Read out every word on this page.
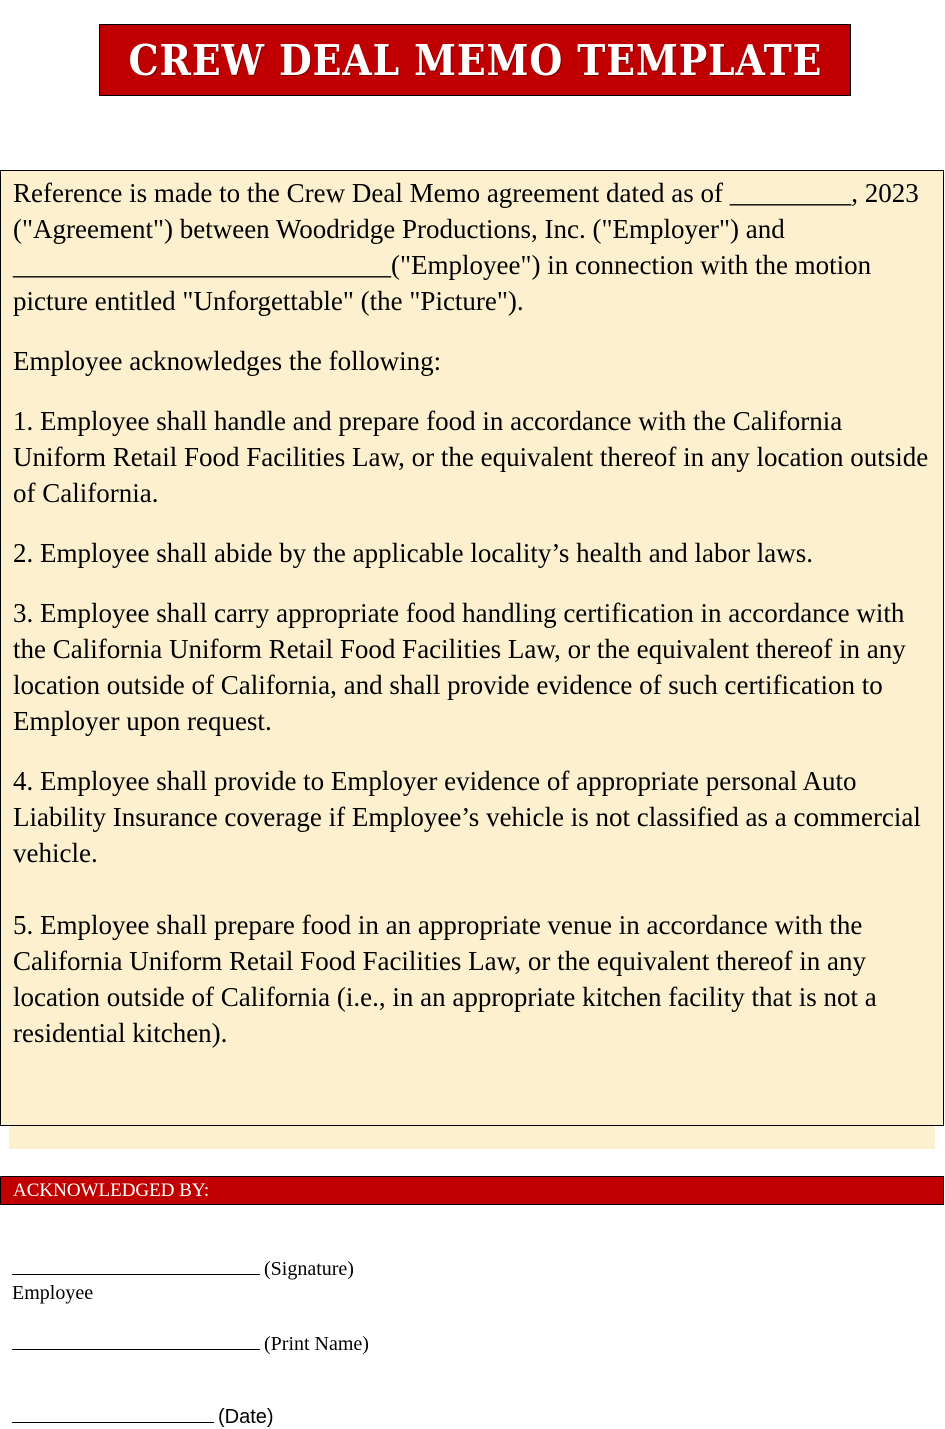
CREW DEAL MEMO TEMPLATE

Reference is made to the Crew Deal Memo agreement dated as of _________, 2023 ("Agreement") between Woodridge Productions, Inc. ("Employer") and ____________________________("Employee") in connection with the motion picture entitled "Unforgettable" (the "Picture").

Employee acknowledges the following:

1. Employee shall handle and prepare food in accordance with the California Uniform Retail Food Facilities Law, or the equivalent thereof in any location outside of California.

2. Employee shall abide by the applicable locality’s health and labor laws.

3. Employee shall carry appropriate food handling certification in accordance with the California Uniform Retail Food Facilities Law, or the equivalent thereof in any location outside of California, and shall provide evidence of such certification to Employer upon request.

4. Employee shall provide to Employer evidence of appropriate personal Auto Liability Insurance coverage if Employee’s vehicle is not classified as a commercial vehicle.

5. Employee shall prepare food in an appropriate venue in accordance with the California Uniform Retail Food Facilities Law, or the equivalent thereof in any location outside of California (i.e., in an appropriate kitchen facility that is not a residential kitchen).

ACKNOWLEDGED BY:
(Signature)
Employee
(Print Name)
(Date)
